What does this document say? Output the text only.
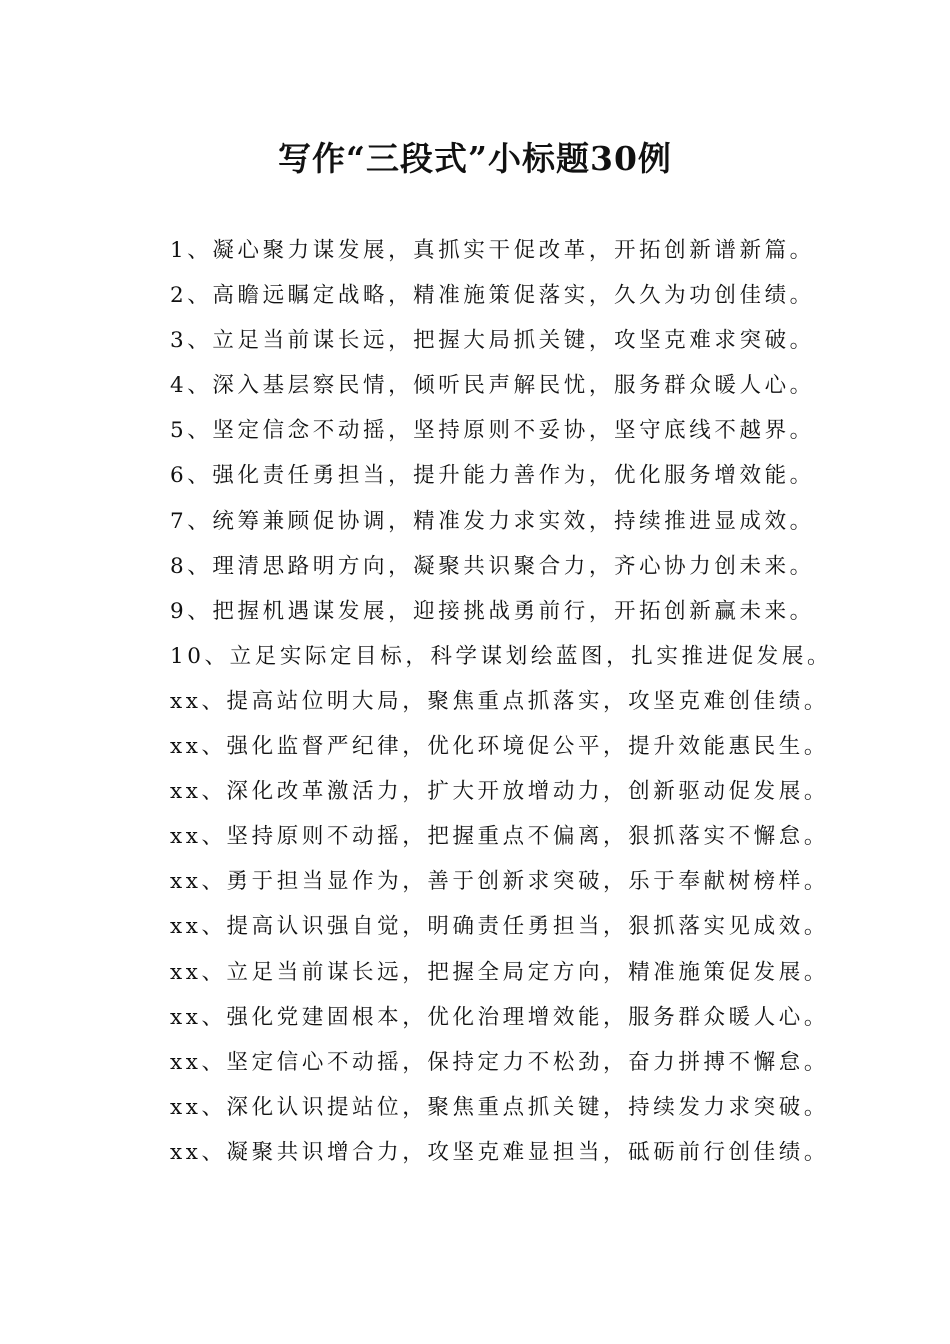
写作“三段式”小标题30例
1、凝心聚力谋发展，真抓实干促改革，开拓创新谱新篇。
2、高瞻远瞩定战略，精准施策促落实，久久为功创佳绩。
3、立足当前谋长远，把握大局抓关键，攻坚克难求突破。
4、深入基层察民情，倾听民声解民忧，服务群众暖人心。
5、坚定信念不动摇，坚持原则不妥协，坚守底线不越界。
6、强化责任勇担当，提升能力善作为，优化服务增效能。
7、统筹兼顾促协调，精准发力求实效，持续推进显成效。
8、理清思路明方向，凝聚共识聚合力，齐心协力创未来。
9、把握机遇谋发展，迎接挑战勇前行，开拓创新赢未来。
10、立足实际定目标，科学谋划绘蓝图，扎实推进促发展。
xx、提高站位明大局，聚焦重点抓落实，攻坚克难创佳绩。
xx、强化监督严纪律，优化环境促公平，提升效能惠民生。
xx、深化改革激活力，扩大开放增动力，创新驱动促发展。
xx、坚持原则不动摇，把握重点不偏离，狠抓落实不懈怠。
xx、勇于担当显作为，善于创新求突破，乐于奉献树榜样。
xx、提高认识强自觉，明确责任勇担当，狠抓落实见成效。
xx、立足当前谋长远，把握全局定方向，精准施策促发展。
xx、强化党建固根本，优化治理增效能，服务群众暖人心。
xx、坚定信心不动摇，保持定力不松劲，奋力拼搏不懈怠。
xx、深化认识提站位，聚焦重点抓关键，持续发力求突破。
xx、凝聚共识增合力，攻坚克难显担当，砥砺前行创佳绩。
